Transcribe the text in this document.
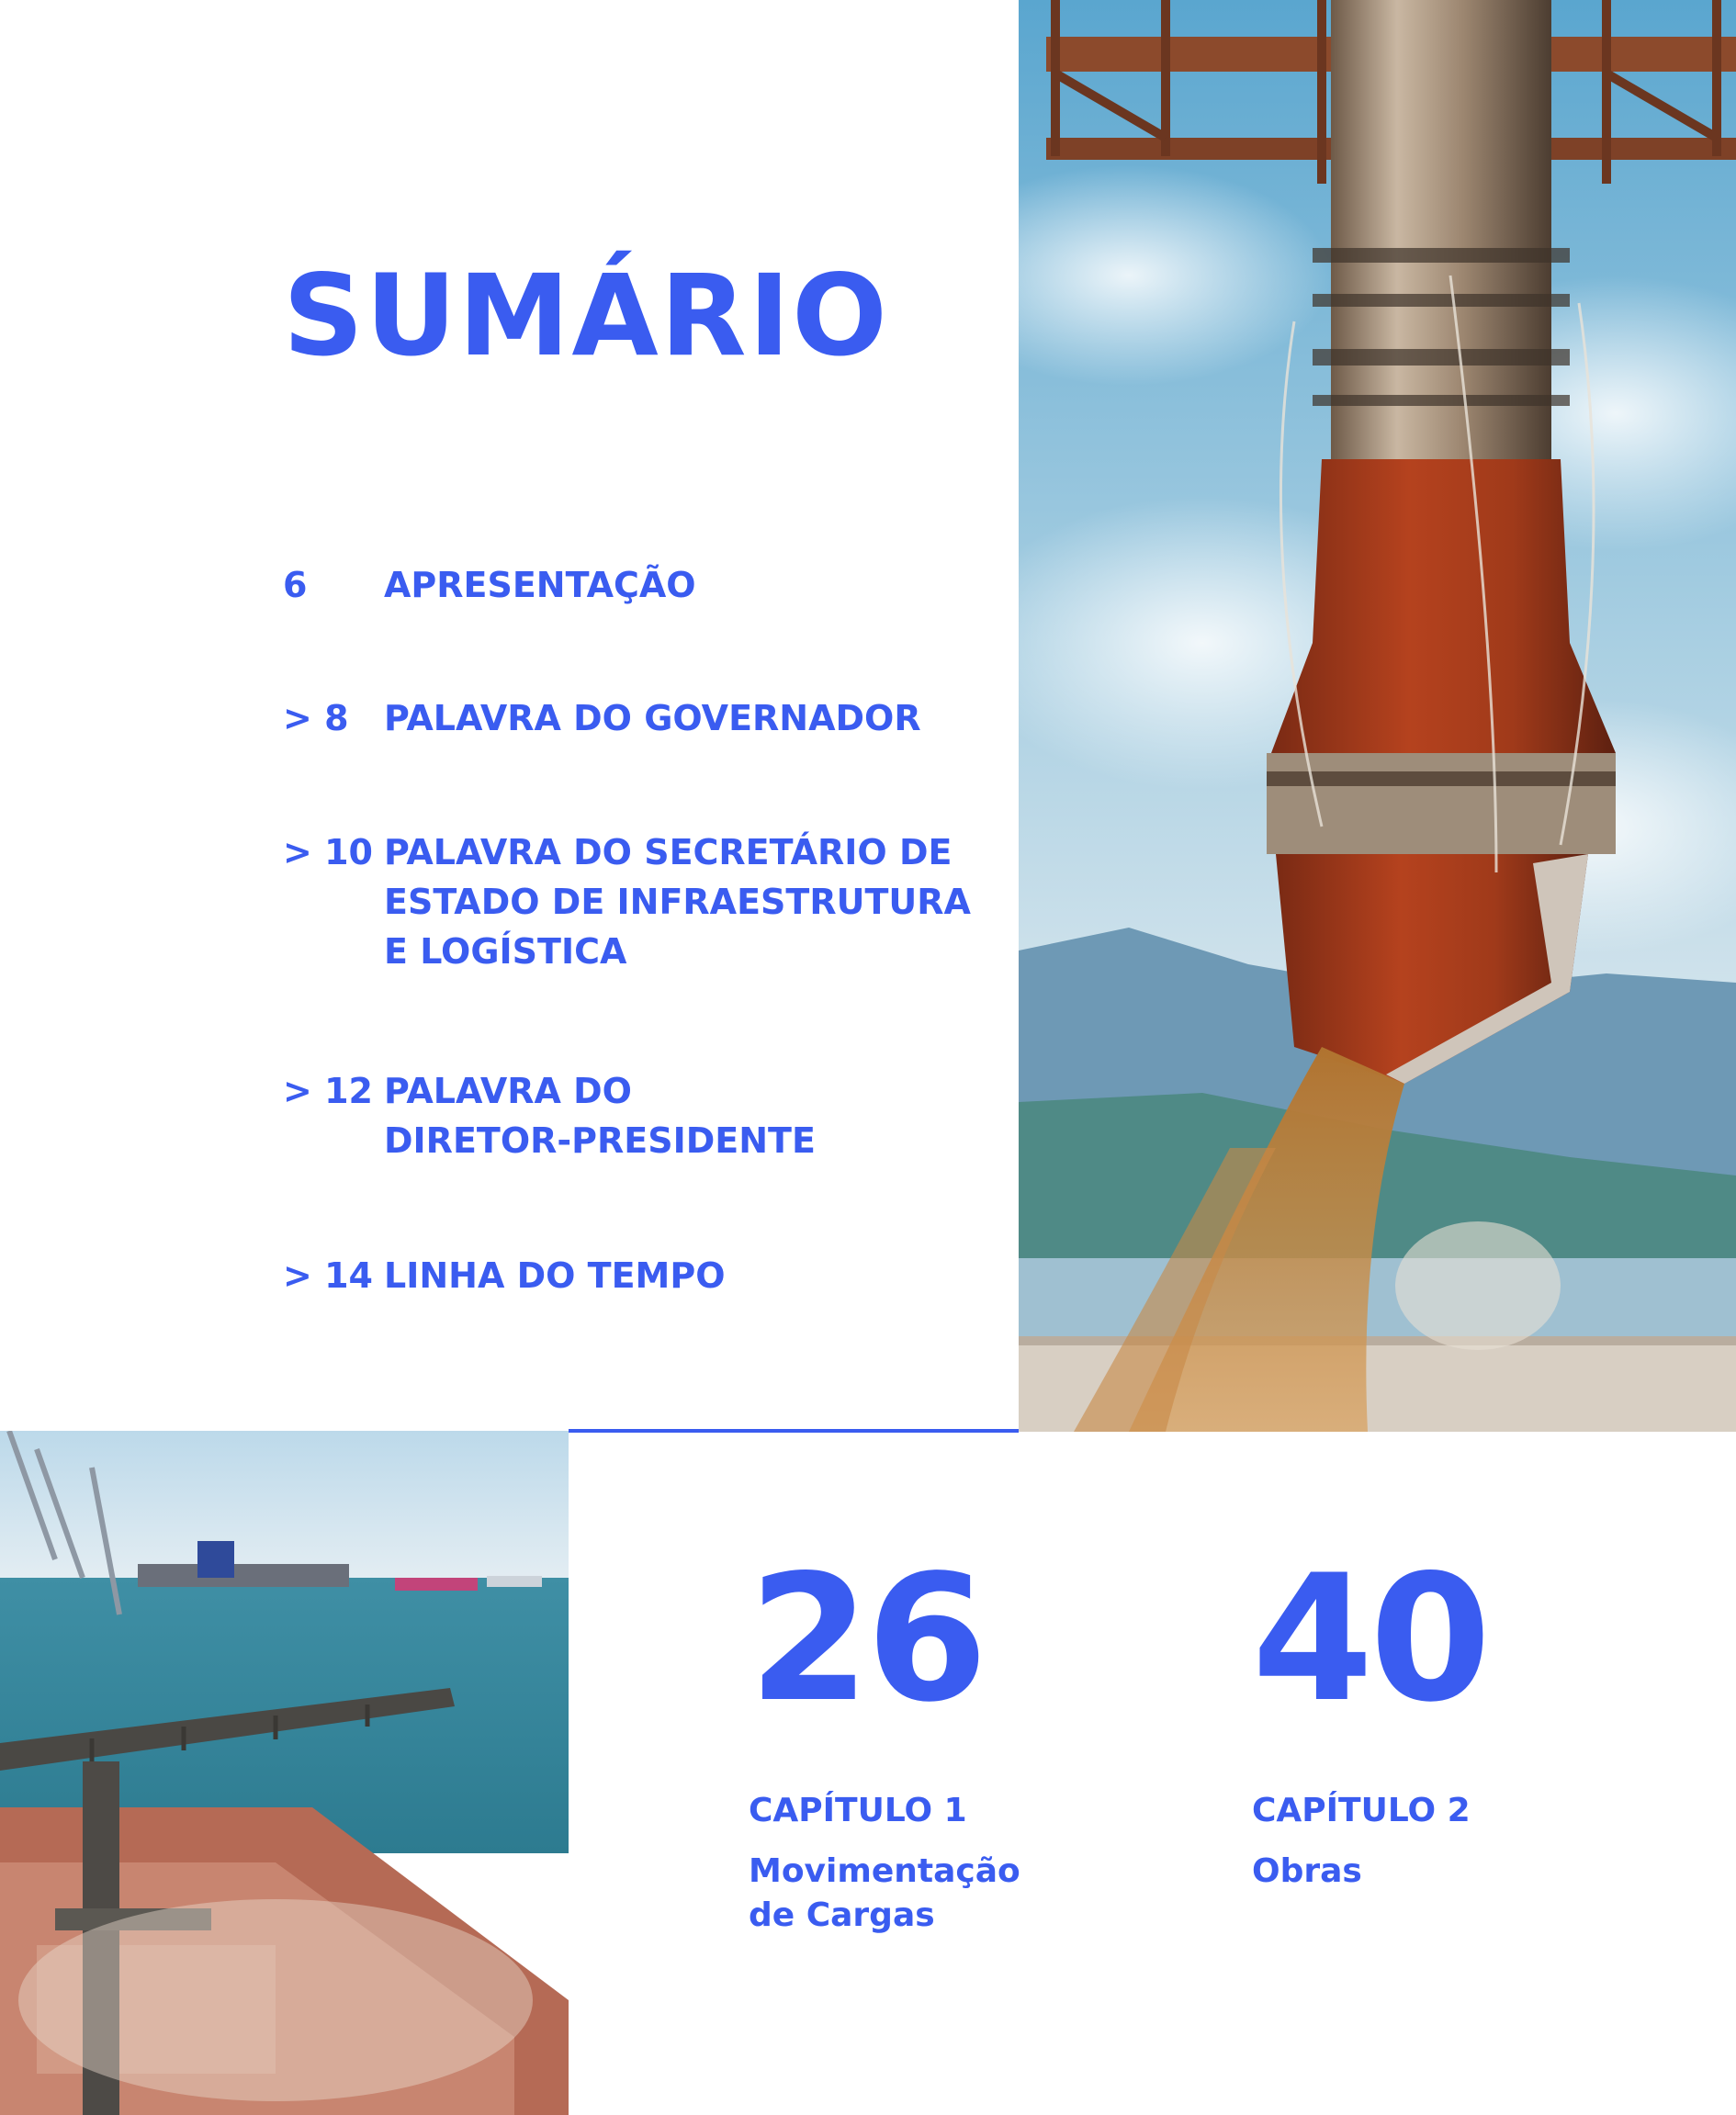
SUMÁRIO
6	APRESENTAÇÃO
> 8	PALAVRA DO GOVERNADOR
> 10 PALAVRA DO SECRETÁRIO DE
ESTADO DE INFRAESTRUTURA
E LOGÍSTICA
> 12 PALAVRA DO
DIRETOR-PRESIDENTE
> 14 LINHA DO TEMPO
26
CAPÍTULO 1
Movimentação
de Cargas
40
CAPÍTULO 2
Obras
